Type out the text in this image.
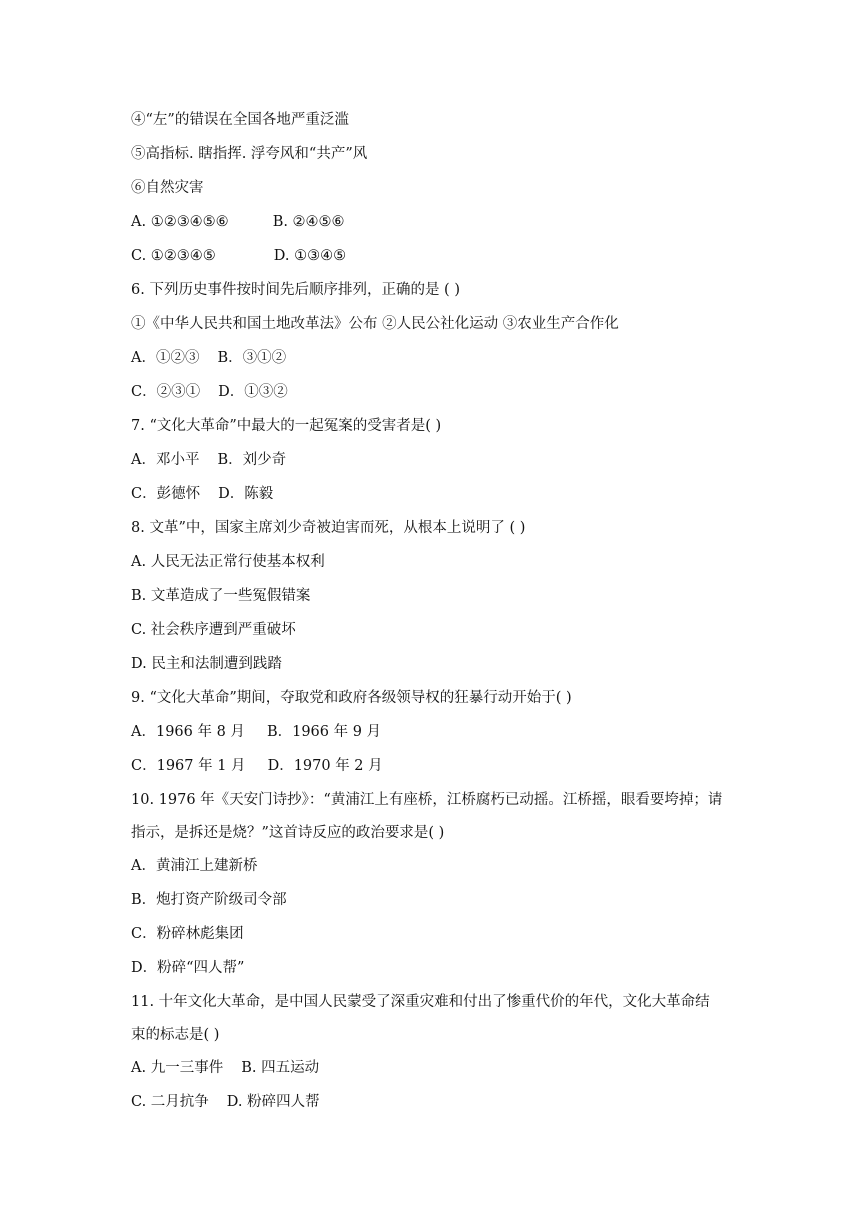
④“左”的错误在全国各地严重泛滥
⑤高指标. 瞎指挥. 浮夸风和“共产”风
⑥自然灾害
A. ①②③④⑤⑥	B. ②④⑤⑥
C. ①②③④⑤	D. ①③④⑤
6. 下列历史事件按时间先后顺序排列，正确的是 ( )
①《中华人民共和国土地改革法》公布 ②人民公社化运动 ③农业生产合作化
A．①②③ B．③①②
C．②③① D．①③②
7. “文化大革命”中最大的一起冤案的受害者是( )
A．邓小平 B．刘少奇
C．彭德怀 D．陈毅
8. 文革”中，国家主席刘少奇被迫害而死，从根本上说明了 ( )
A. 人民无法正常行使基本权利
B. 文革造成了一些冤假错案
C. 社会秩序遭到严重破坏
D. 民主和法制遭到践踏
9. “文化大革命”期间，夺取党和政府各级领导权的狂暴行动开始于( )
A．1966 年 8 月 B．1966 年 9 月
C．1967 年 1 月 D．1970 年 2 月
10. 1976 年《天安门诗抄》：“黄浦江上有座桥，江桥腐朽已动摇。江桥摇，眼看要垮掉；请
指示，是拆还是烧？”这首诗反应的政治要求是( )
A．黄浦江上建新桥
B．炮打资产阶级司令部
C．粉碎林彪集团
D．粉碎“四人帮”
11. 十年文化大革命，是中国人民蒙受了深重灾难和付出了惨重代价的年代，文化大革命结
束的标志是( )
A. 九一三事件 B. 四五运动
C. 二月抗争 D. 粉碎四人帮
